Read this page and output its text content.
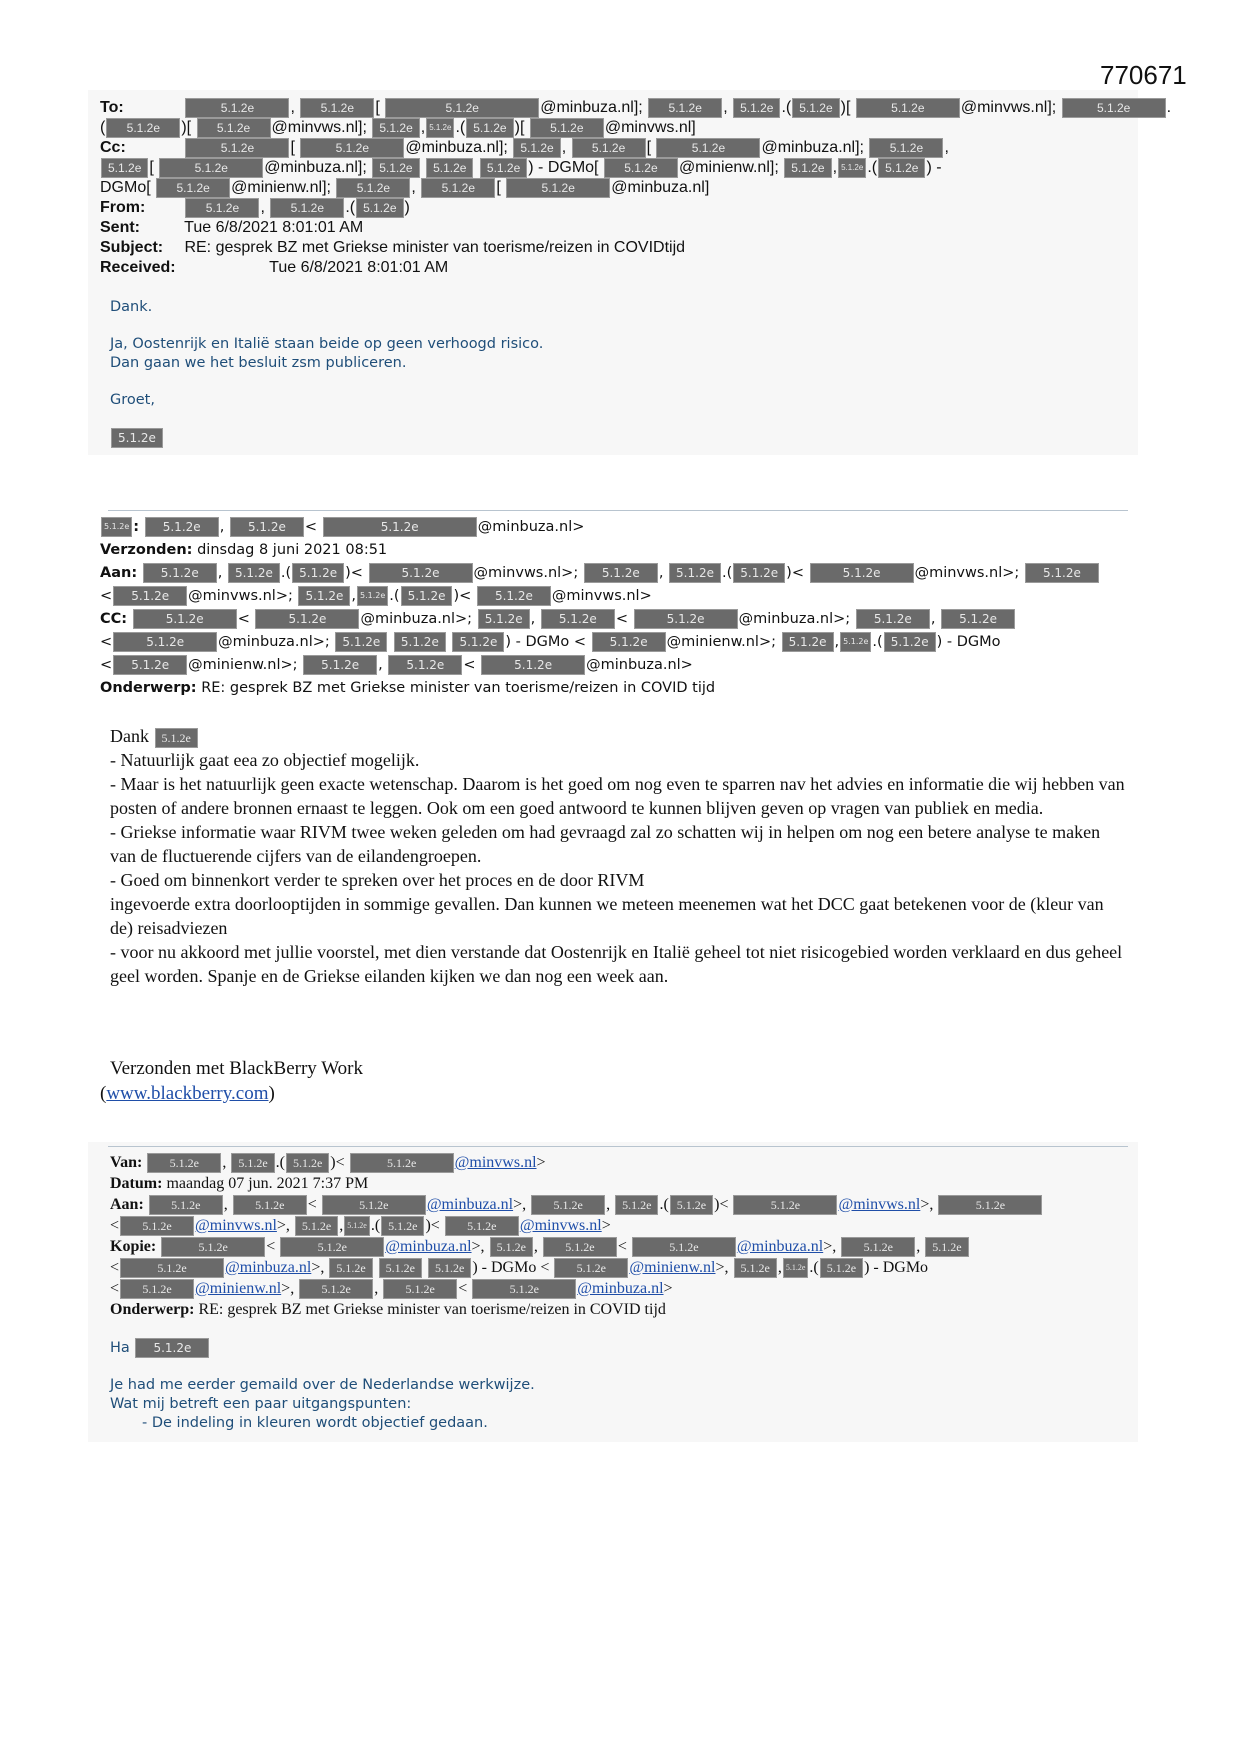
770671
To:	5.1.2e , 5.1.2e [	5.1.2e	@minbuza.nl]; 5.1.2e , 5.1.2e .( 5.1.2e )[	5.1.2e @minvws.nl];	5.1.2e .
( 5.1.2e )[ 5.1.2e @minvws.nl]; 5.1.2e , 5.1.2e .( 5.1.2e )[ 5.1.2e @minvws.nl]
Cc:	5.1.2e [	5.1.2e @minbuza.nl]; 5.1.2e , 5.1.2e [	5.1.2e @minbuza.nl]; 5.1.2e ,
5.1.2e [	5.1.2e @minbuza.nl]; 5.1.2e 5.1.2e 5.1.2e ) - DGMo[ 5.1.2e @minienw.nl]; 5.1.2e , 5.1.2e .( 5.1.2e ) -
DGMo[ 5.1.2e @minienw.nl]; 5.1.2e , 5.1.2e [	5.1.2e @minbuza.nl]
From:	5.1.2e , 5.1.2e .( 5.1.2e )
Sent:	Tue 6/8/2021 8:01:01 AM
Subject: RE: gesprek BZ met Griekse minister van toerisme/reizen in COVIDtijd
Received:	Tue 6/8/2021 8:01:01 AM

Dank.

Ja, Oostenrijk en Italië staan beide op geen verhoogd risico.
Dan gaan we het besluit zsm publiceren.

Groet,

5.1.2e

5.1.2e : 5.1.2e , 5.1.2e <	5.1.2e	@minbuza.nl>
Verzonden: dinsdag 8 juni 2021 08:51
Aan: 5.1.2e , 5.1.2e .( 5.1.2e )<	5.1.2e @minvws.nl>; 5.1.2e , 5.1.2e .( 5.1.2e )<	5.1.2e @minvws.nl>; 5.1.2e
< 5.1.2e @minvws.nl>; 5.1.2e , 5.1.2e .( 5.1.2e )< 5.1.2e @minvws.nl>
CC:	5.1.2e <	5.1.2e @minbuza.nl>; 5.1.2e , 5.1.2e <	5.1.2e @minbuza.nl>; 5.1.2e , 5.1.2e
<	5.1.2e @minbuza.nl>; 5.1.2e 5.1.2e 5.1.2e ) - DGMo < 5.1.2e @minienw.nl>; 5.1.2e , 5.1.2e .( 5.1.2e ) - DGMo
< 5.1.2e @minienw.nl>; 5.1.2e , 5.1.2e <	5.1.2e @minbuza.nl>
Onderwerp: RE: gesprek BZ met Griekse minister van toerisme/reizen in COVID tijd

Dank 5.1.2e

- Natuurlijk gaat eea zo objectief mogelijk.

- Maar is het natuurlijk geen exacte wetenschap. Daarom is het goed om nog even te sparren nav het advies en informatie die wij hebben van posten of andere bronnen ernaast te leggen. Ook om een goed antwoord te kunnen blijven geven op vragen van publiek en media.

- Griekse informatie waar RIVM twee weken geleden om had gevraagd zal zo schatten wij in helpen om nog een betere analyse te maken van de fluctuerende cijfers van de eilandengroepen.

- Goed om binnenkort verder te spreken over het proces en de door RIVM

ingevoerde extra doorlooptijden in sommige gevallen. Dan kunnen we meteen meenemen wat het DCC gaat betekenen voor de (kleur van de) reisadviezen

- voor nu akkoord met jullie voorstel, met dien verstande dat Oostenrijk en Italië geheel tot niet risicogebied worden verklaard en dus geheel geel worden. Spanje en de Griekse eilanden kijken we dan nog een week aan.

Verzonden met BlackBerry Work
(www.blackberry.com)
Van: 5.1.2e , 5.1.2e .( 5.1.2e )<	5.1.2e @minvws.nl>
Datum: maandag 07 jun. 2021 7:37 PM
Aan: 5.1.2e , 5.1.2e <	5.1.2e @minbuza.nl>, 5.1.2e , 5.1.2e .( 5.1.2e )<	5.1.2e @minvws.nl>,	5.1.2e
< 5.1.2e @minvws.nl>, 5.1.2e , 5.1.2e .( 5.1.2e )< 5.1.2e @minvws.nl>
Kopie:	5.1.2e <	5.1.2e @minbuza.nl>, 5.1.2e , 5.1.2e <	5.1.2e @minbuza.nl>, 5.1.2e , 5.1.2e
<	5.1.2e @minbuza.nl>, 5.1.2e 5.1.2e 5.1.2e ) - DGMo < 5.1.2e @minienw.nl>, 5.1.2e , 5.1.2e .( 5.1.2e ) - DGMo
< 5.1.2e @minienw.nl>, 5.1.2e , 5.1.2e <	5.1.2e @minbuza.nl>
Onderwerp: RE: gesprek BZ met Griekse minister van toerisme/reizen in COVID tijd
Ha 5.1.2e
Je had me eerder gemaild over de Nederlandse werkwijze.
Wat mij betreft een paar uitgangspunten:
- De indeling in kleuren wordt objectief gedaan.
